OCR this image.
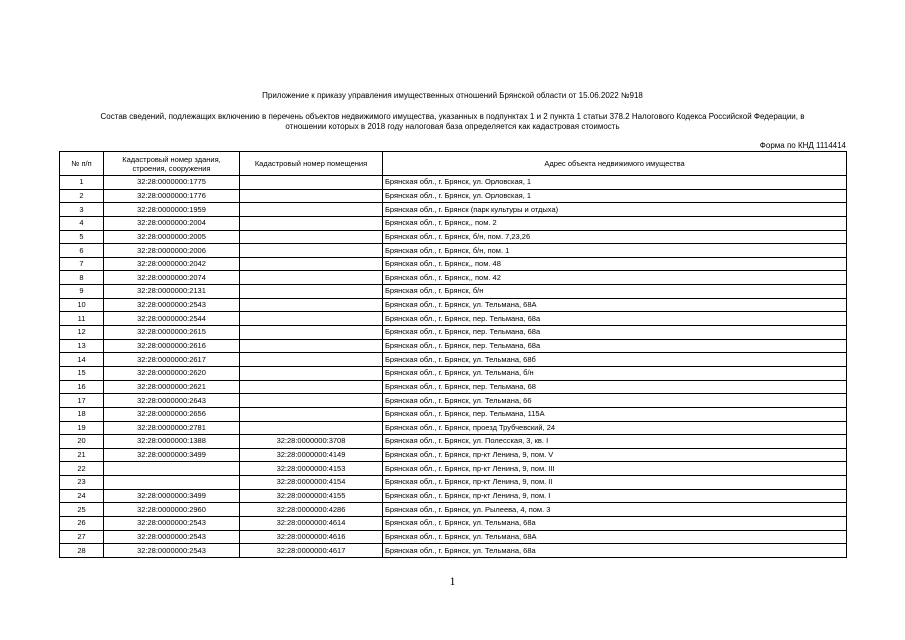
Приложение к приказу управления имущественных отношений Брянской области от 15.06.2022 №918
Состав сведений, подлежащих включению в перечень объектов недвижимого имущества, указанных в подпунктах 1 и 2 пункта 1 статьи 378.2 Налогового Кодекса Российской Федерации, в
отношении которых в 2018 году налоговая база определяется как кадастровая стоимость
Форма по КНД 1114414
№ п/п	Кадастровый номер здания, строения, сооружения	Кадастровый номер помещения	Адрес объекта недвижимого имущества
1	32:28:0000000:1775		Брянская обл., г. Брянск, ул. Орловская, 1
2	32:28:0000000:1776		Брянская обл., г. Брянск, ул. Орловская, 1
3	32:28:0000000:1959		Брянская обл., г. Брянск (парк культуры и отдыха)
4	32:28:0000000:2004		Брянская обл., г. Брянск,, пом. 2
5	32:28:0000000:2005		Брянская обл., г. Брянск, б/н, пом. 7,23,26
6	32:28:0000000:2006		Брянская обл., г. Брянск, б/н, пом. 1
7	32:28:0000000:2042		Брянская обл., г. Брянск,, пом. 48
8	32:28:0000000:2074		Брянская обл., г. Брянск,, пом. 42
9	32:28:0000000:2131		Брянская обл., г. Брянск, б/н
10	32:28:0000000:2543		Брянская обл., г. Брянск, ул. Тельмана, 68А
11	32:28:0000000:2544		Брянская обл., г. Брянск, пер. Тельмана, 68а
12	32:28:0000000:2615		Брянская обл., г. Брянск, пер. Тельмана, 68а
13	32:28:0000000:2616		Брянская обл., г. Брянск, пер. Тельмана, 68а
14	32:28:0000000:2617		Брянская обл., г. Брянск, ул. Тельмана, 68б
15	32:28:0000000:2620		Брянская обл., г. Брянск, ул. Тельмана, б/н
16	32:28:0000000:2621		Брянская обл., г. Брянск, пер. Тельмана, 68
17	32:28:0000000:2643		Брянская обл., г. Брянск, ул. Тельмана, 66
18	32:28:0000000:2656		Брянская обл., г. Брянск, пер. Тельмана, 115А
19	32:28:0000000:2781		Брянская обл., г. Брянск, проезд Трубчевский, 24
20	32:28:0000000:1388	32:28:0000000:3708	Брянская обл., г. Брянск, ул. Полесская, 3, кв. I
21	32:28:0000000:3499	32:28:0000000:4149	Брянская обл., г. Брянск, пр-кт Ленина, 9, пом. V
22		32:28:0000000:4153	Брянская обл., г. Брянск, пр-кт Ленина, 9, пом. III
23		32:28:0000000:4154	Брянская обл., г. Брянск, пр-кт Ленина, 9, пом. II
24	32:28:0000000:3499	32:28:0000000:4155	Брянская обл., г. Брянск, пр-кт Ленина, 9, пом. I
25	32:28:0000000:2960	32:28:0000000:4286	Брянская обл., г. Брянск, ул. Рылеева, 4, пом. 3
26	32:28:0000000:2543	32:28:0000000:4614	Брянская обл., г. Брянск, ул. Тельмана, 68а
27	32:28:0000000:2543	32:28:0000000:4616	Брянская обл., г. Брянск, ул. Тельмана, 68А
28	32:28:0000000:2543	32:28:0000000:4617	Брянская обл., г. Брянск, ул. Тельмана, 68а
1
